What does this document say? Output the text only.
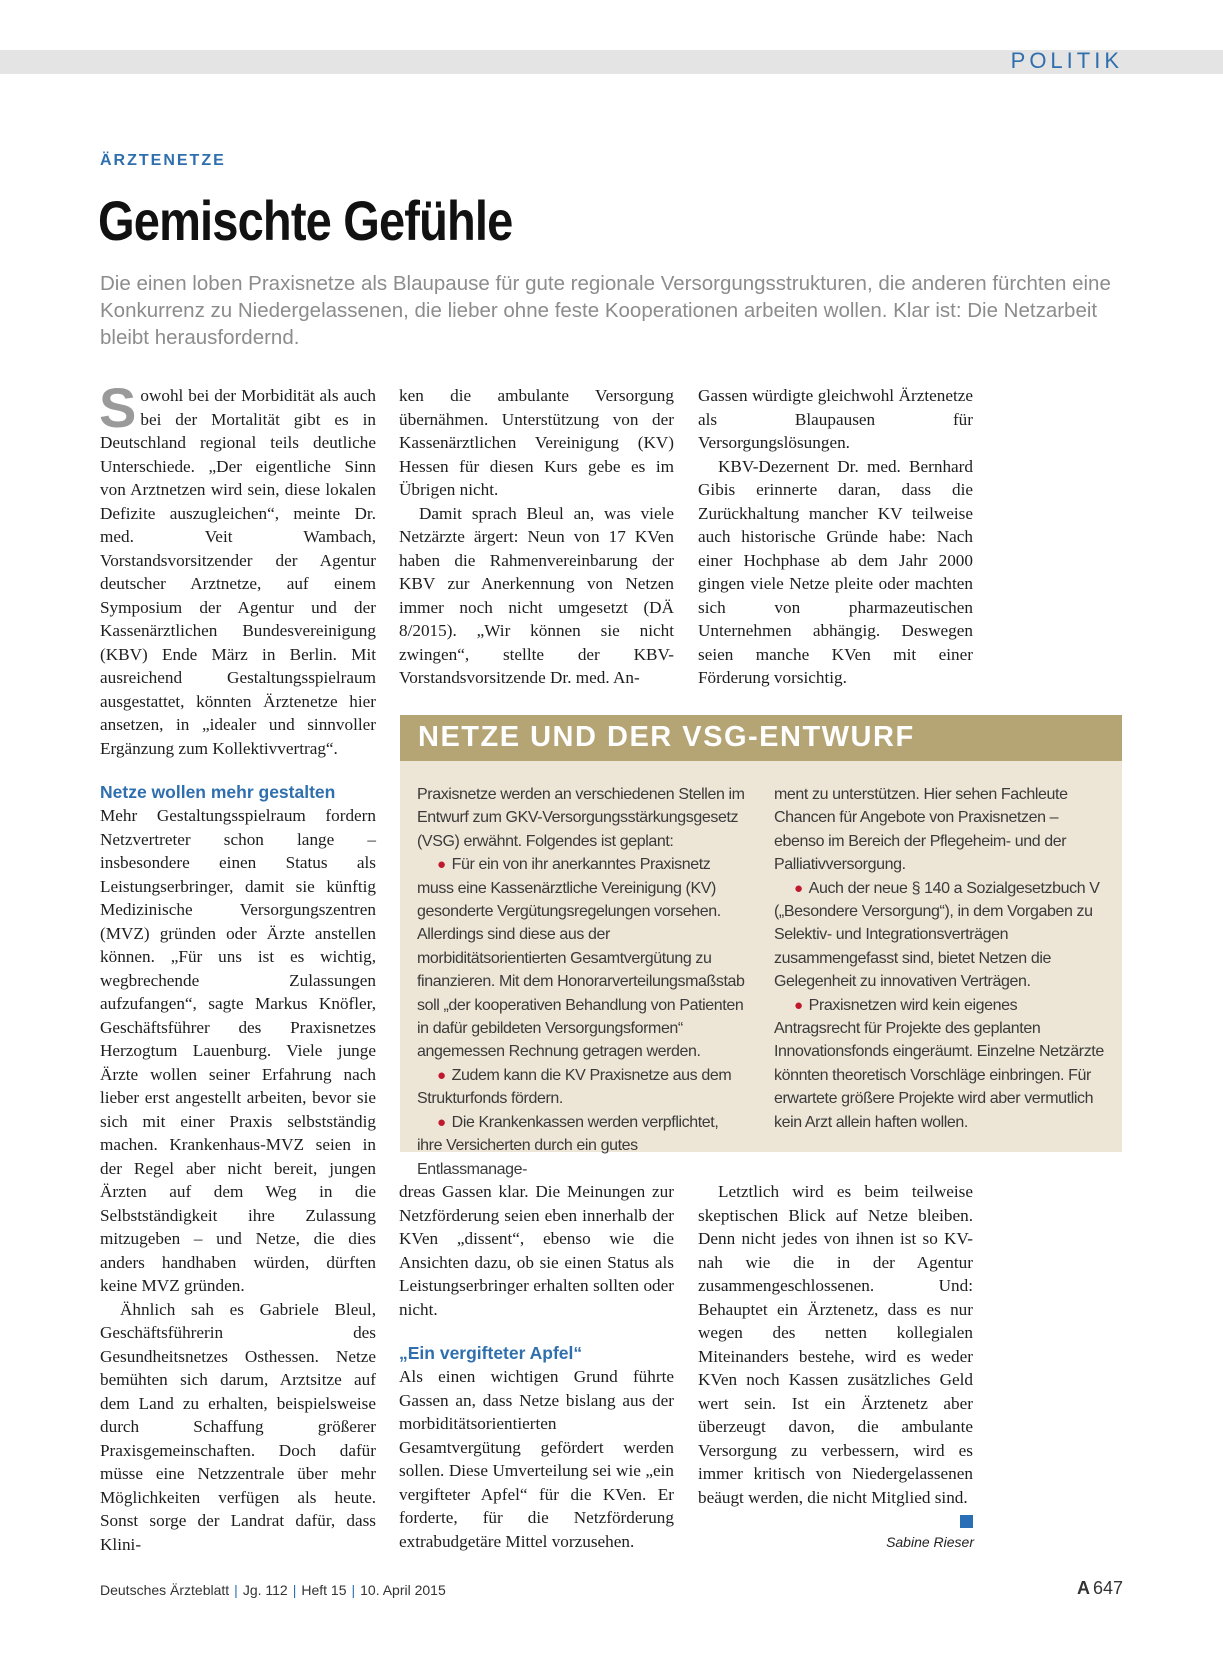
POLITIK
ÄRZTENETZE
Gemischte Gefühle
Die einen loben Praxisnetze als Blaupause für gute regionale Versorgungsstrukturen, die anderen fürchten eine Konkurrenz zu Niedergelassenen, die lieber ohne feste Kooperationen arbeiten wollen. Klar ist: Die Netzarbeit bleibt herausfordernd.

Sowohl bei der Morbidität als auch bei der Mortalität gibt es in Deutschland regional teils deutliche Unterschiede. „Der eigentliche Sinn von Arztnetzen wird sein, diese lokalen Defizite auszugleichen“, meinte Dr. med. Veit Wambach, Vorstandsvorsitzender der Agentur deutscher Arztnetze, auf einem Symposium der Agentur und der Kassenärztlichen Bundesvereinigung (KBV) Ende März in Berlin. Mit ausreichend Gestaltungsspielraum ausgestattet, könnten Ärztenetze hier ansetzen, in „idealer und sinnvoller Ergänzung zum Kollektivvertrag“.

Netze wollen mehr gestalten

Mehr Gestaltungsspielraum fordern Netzvertreter schon lange – insbesondere einen Status als Leistungserbringer, damit sie künftig Medizinische Versorgungszentren (MVZ) gründen oder Ärzte anstellen können. „Für uns ist es wichtig, wegbrechende Zulassungen aufzufangen“, sagte Markus Knöfler, Geschäftsführer des Praxisnetzes Herzogtum Lauenburg. Viele junge Ärzte wollen seiner Erfahrung nach lieber erst angestellt arbeiten, bevor sie sich mit einer Praxis selbstständig machen. Krankenhaus-MVZ seien in der Regel aber nicht bereit, jungen Ärzten auf dem Weg in die Selbstständigkeit ihre Zulassung mitzugeben – und Netze, die dies anders handhaben würden, dürften keine MVZ gründen.

Ähnlich sah es Gabriele Bleul, Geschäftsführerin des Gesundheitsnetzes Osthessen. Netze bemühten sich darum, Arztsitze auf dem Land zu erhalten, beispielsweise durch Schaffung größerer Praxisgemeinschaften. Doch dafür müsse eine Netzzentrale über mehr Möglichkeiten verfügen als heute. Sonst sorge der Landrat dafür, dass Klini-

ken die ambulante Versorgung übernähmen. Unterstützung von der Kassenärztlichen Vereinigung (KV) Hessen für diesen Kurs gebe es im Übrigen nicht.

Damit sprach Bleul an, was viele Netzärzte ärgert: Neun von 17 KVen haben die Rahmenvereinbarung der KBV zur Anerkennung von Netzen immer noch nicht umgesetzt (DÄ 8/2015). „Wir können sie nicht zwingen“, stellte der KBV-Vorstandsvorsitzende Dr. med. An-

Gassen würdigte gleichwohl Ärztenetze als Blaupausen für Versorgungslösungen.

KBV-Dezernent Dr. med. Bernhard Gibis erinnerte daran, dass die Zurückhaltung mancher KV teilweise auch historische Gründe habe: Nach einer Hochphase ab dem Jahr 2000 gingen viele Netze pleite oder machten sich von pharmazeutischen Unternehmen abhängig. Deswegen seien manche KVen mit einer Förderung vorsichtig.

NETZE UND DER VSG-ENTWURF

Praxisnetze werden an verschiedenen Stellen im Entwurf zum GKV-Versorgungsstärkungsgesetz (VSG) erwähnt. Folgendes ist geplant:

● Für ein von ihr anerkanntes Praxisnetz muss eine Kassenärztliche Vereinigung (KV) gesonderte Vergütungsregelungen vorsehen. Allerdings sind diese aus der morbiditätsorientierten Gesamtvergütung zu finanzieren. Mit dem Honorarverteilungsmaßstab soll „der kooperativen Behandlung von Patienten in dafür gebildeten Versorgungsformen“ angemessen Rechnung getragen werden.

● Zudem kann die KV Praxisnetze aus dem Strukturfonds fördern.

● Die Krankenkassen werden verpflichtet, ihre Versicherten durch ein gutes Entlassmanage-

ment zu unterstützen. Hier sehen Fachleute Chancen für Angebote von Praxisnetzen – ebenso im Bereich der Pflegeheim- und der Palliativversorgung.

● Auch der neue § 140 a Sozialgesetzbuch V („Besondere Versorgung“), in dem Vorgaben zu Selektiv- und Integrationsverträgen zusammengefasst sind, bietet Netzen die Gelegenheit zu innovativen Verträgen.

● Praxisnetzen wird kein eigenes Antragsrecht für Projekte des geplanten Innovationsfonds eingeräumt. Einzelne Netzärzte könnten theoretisch Vorschläge einbringen. Für erwartete größere Projekte wird aber vermutlich kein Arzt allein haften wollen.

dreas Gassen klar. Die Meinungen zur Netzförderung seien eben innerhalb der KVen „dissent“, ebenso wie die Ansichten dazu, ob sie einen Status als Leistungserbringer erhalten sollten oder nicht.

„Ein vergifteter Apfel“

Als einen wichtigen Grund führte Gassen an, dass Netze bislang aus der morbiditätsorientierten Gesamtvergütung gefördert werden sollen. Diese Umverteilung sei wie „ein vergifteter Apfel“ für die KVen. Er forderte, für die Netzförderung extrabudgetäre Mittel vorzusehen.

Letztlich wird es beim teilweise skeptischen Blick auf Netze bleiben. Denn nicht jedes von ihnen ist so KV-nah wie die in der Agentur zusammengeschlossenen. Und: Behauptet ein Ärztenetz, dass es nur wegen des netten kollegialen Miteinanders bestehe, wird es weder KVen noch Kassen zusätzliches Geld wert sein. Ist ein Ärztenetz aber überzeugt davon, die ambulante Versorgung zu verbessern, wird es immer kritisch von Niedergelassenen beäugt werden, die nicht Mitglied sind.

Sabine Rieser
Deutsches Ärzteblatt | Jg. 112 | Heft 15 | 10. April 2015	A 647
